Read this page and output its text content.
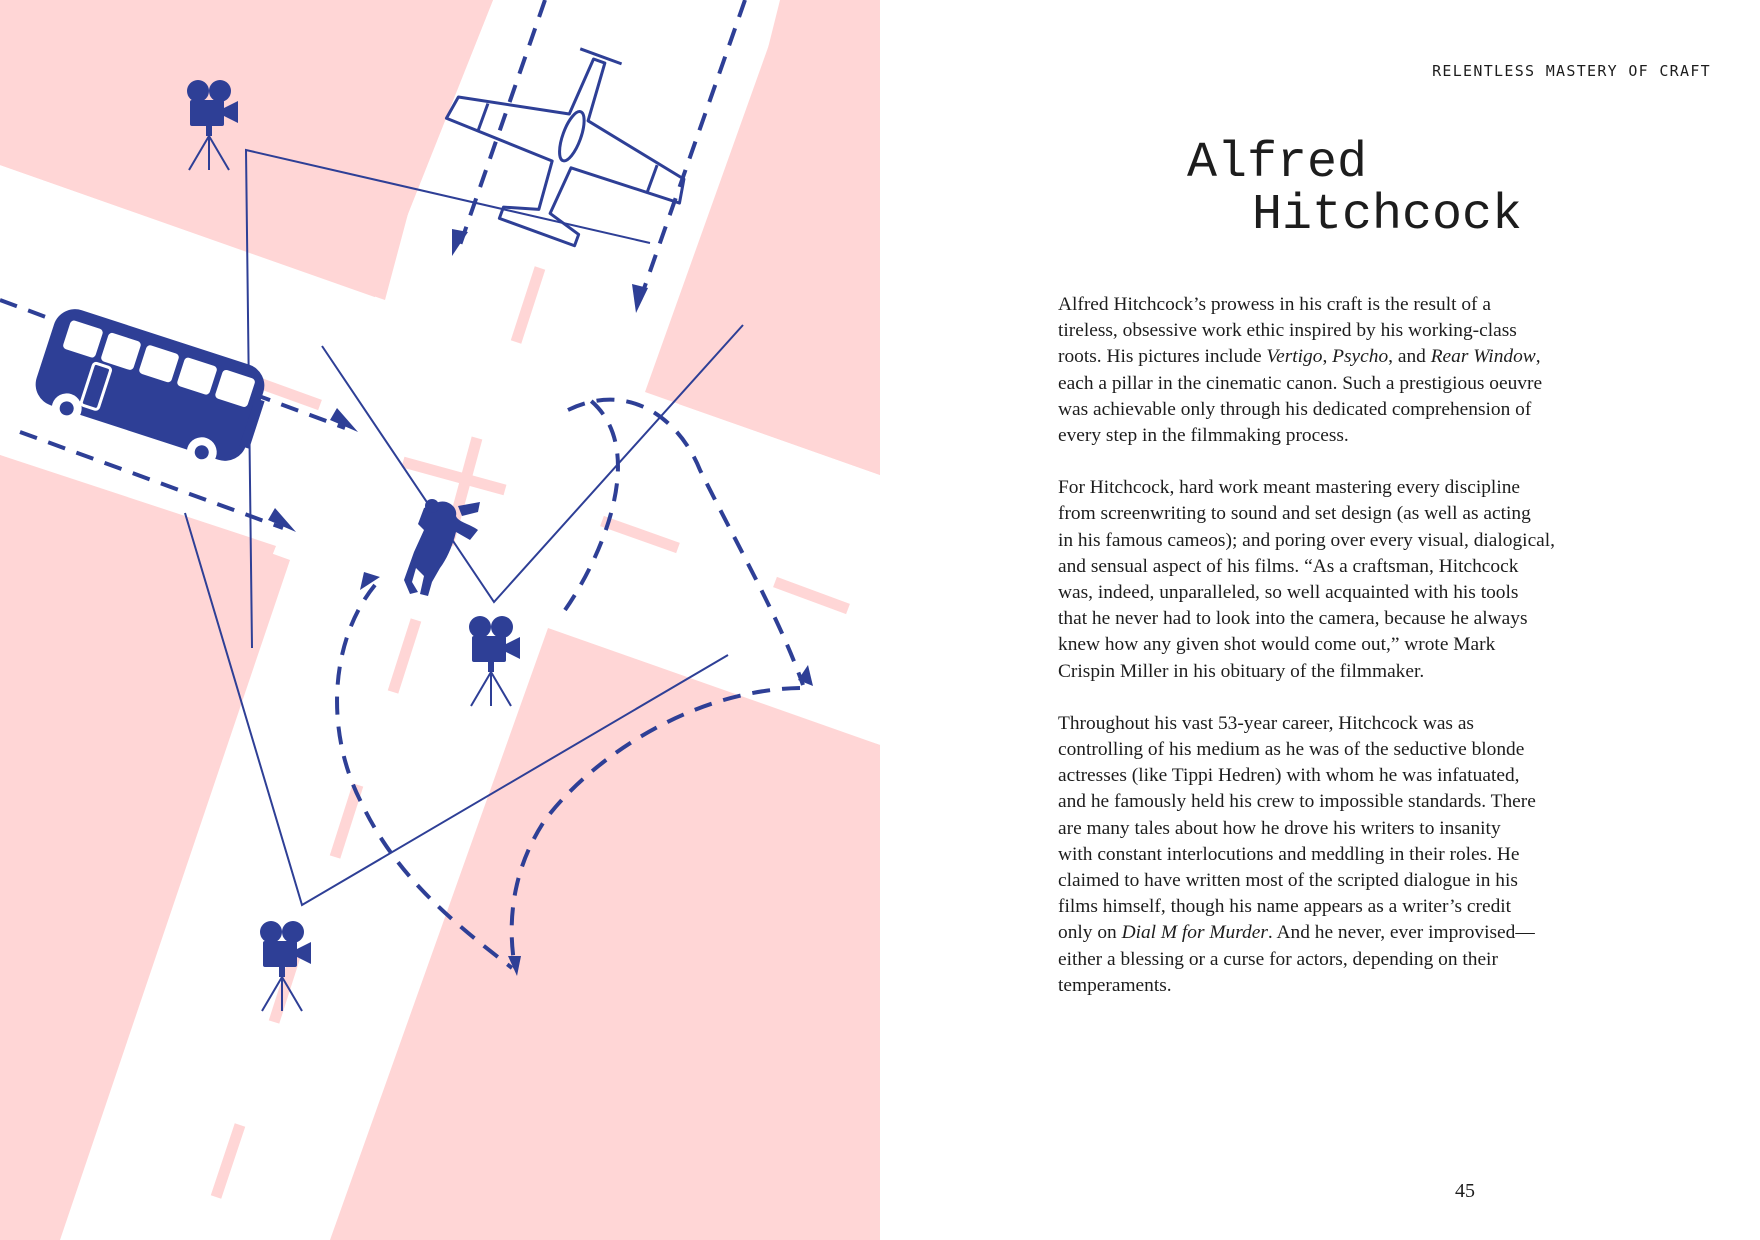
RELENTLESS MASTERY OF CRAFT
Alfred
Hitchcock

Alfred Hitchcock’s prowess in his craft is the result of a
tireless, obsessive work ethic inspired by his working-class
roots. His pictures include Vertigo, Psycho, and Rear Window,
each a pillar in the cinematic canon. Such a prestigious oeuvre
was achievable only through his dedicated comprehension of
every step in the filmmaking process.

For Hitchcock, hard work meant mastering every discipline
from screenwriting to sound and set design (as well as acting
in his famous cameos); and poring over every visual, dialogical,
and sensual aspect of his films. “As a craftsman, Hitchcock
was, indeed, unparalleled, so well acquainted with his tools
that he never had to look into the camera, because he always
knew how any given shot would come out,” wrote Mark
Crispin Miller in his obituary of the filmmaker.

Throughout his vast 53-year career, Hitchcock was as
controlling of his medium as he was of the seductive blonde
actresses (like Tippi Hedren) with whom he was infatuated,
and he famously held his crew to impossible standards. There
are many tales about how he drove his writers to insanity
with constant interlocutions and meddling in their roles. He
claimed to have written most of the scripted dialogue in his
films himself, though his name appears as a writer’s credit
only on Dial M for Murder. And he never, ever improvised—
either a blessing or a curse for actors, depending on their
temperaments.

45
